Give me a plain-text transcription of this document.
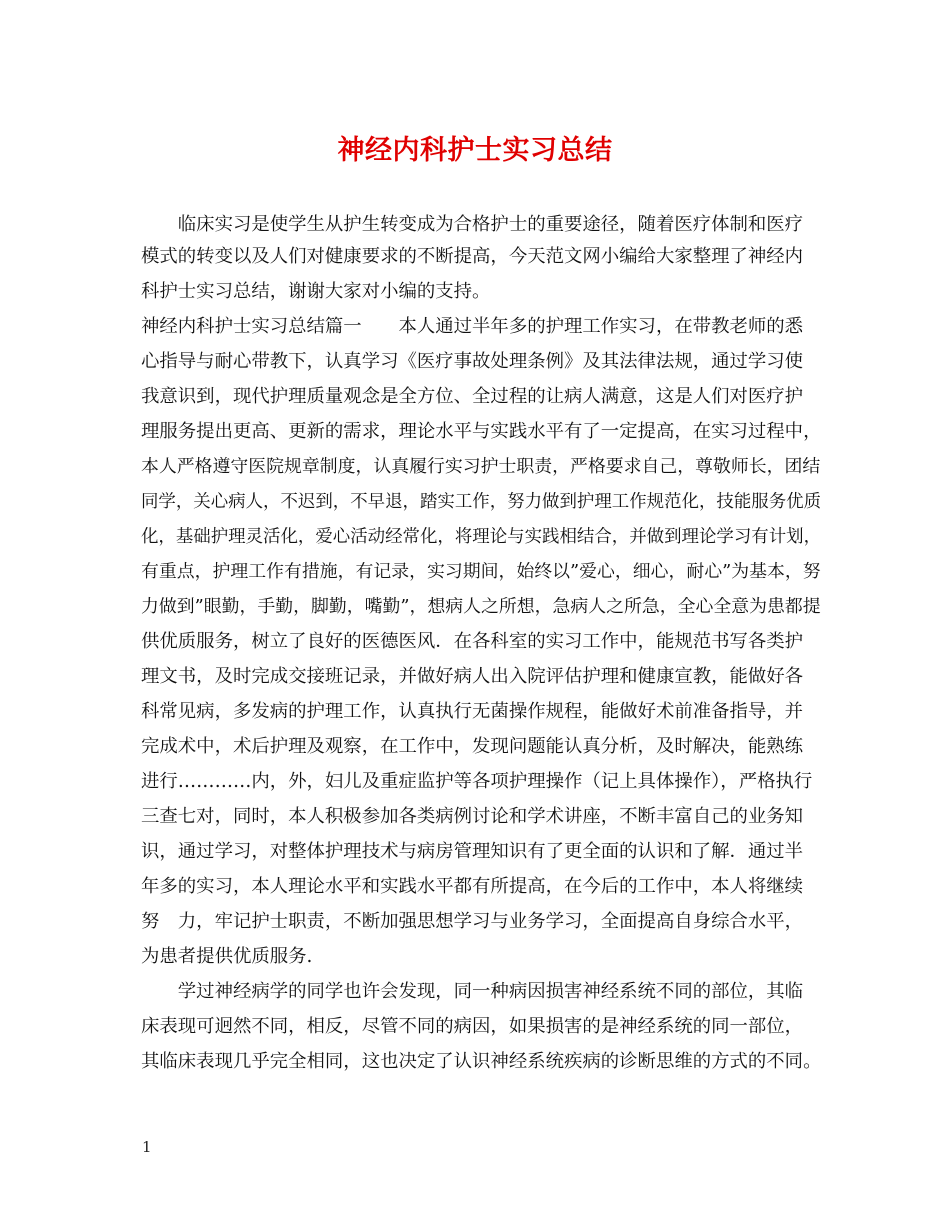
神经内科护士实习总结
　　临床实习是使学生从护生转变成为合格护士的重要途径，随着医疗体制和医疗
模式的转变以及人们对健康要求的不断提高，今天范文网小编给大家整理了神经内
科护士实习总结，谢谢大家对小编的支持。
神经内科护士实习总结篇一　　本人通过半年多的护理工作实习，在带教老师的悉
心指导与耐心带教下，认真学习《医疗事故处理条例》及其法律法规，通过学习使
我意识到，现代护理质量观念是全方位、全过程的让病人满意，这是人们对医疗护
理服务提出更高、更新的需求，理论水平与实践水平有了一定提高，在实习过程中，
本人严格遵守医院规章制度，认真履行实习护士职责，严格要求自己，尊敬师长，团结
同学，关心病人，不迟到，不早退，踏实工作，努力做到护理工作规范化，技能服务优质
化，基础护理灵活化，爱心活动经常化，将理论与实践相结合，并做到理论学习有计划，
有重点，护理工作有措施，有记录，实习期间，始终以”爱心，细心，耐心”为基本，努
力做到”眼勤，手勤，脚勤，嘴勤”，想病人之所想，急病人之所急，全心全意为患都提
供优质服务，树立了良好的医德医风．在各科室的实习工作中，能规范书写各类护
理文书，及时完成交接班记录，并做好病人出入院评估护理和健康宣教，能做好各
科常见病，多发病的护理工作，认真执行无菌操作规程，能做好术前准备指导，并
完成术中，术后护理及观察，在工作中，发现问题能认真分析，及时解决，能熟练
进行…………内，外，妇儿及重症监护等各项护理操作（记上具体操作），严格执行
三查七对，同时，本人积极参加各类病例讨论和学术讲座，不断丰富自己的业务知
识，通过学习，对整体护理技术与病房管理知识有了更全面的认识和了解．通过半
年多的实习，本人理论水平和实践水平都有所提高，在今后的工作中，本人将继续
努　力，牢记护士职责，不断加强思想学习与业务学习，全面提高自身综合水平，
为患者提供优质服务.
　　学过神经病学的同学也许会发现，同一种病因损害神经系统不同的部位，其临
床表现可迥然不同，相反，尽管不同的病因，如果损害的是神经系统的同一部位，
其临床表现几乎完全相同，这也决定了认识神经系统疾病的诊断思维的方式的不同。
1
